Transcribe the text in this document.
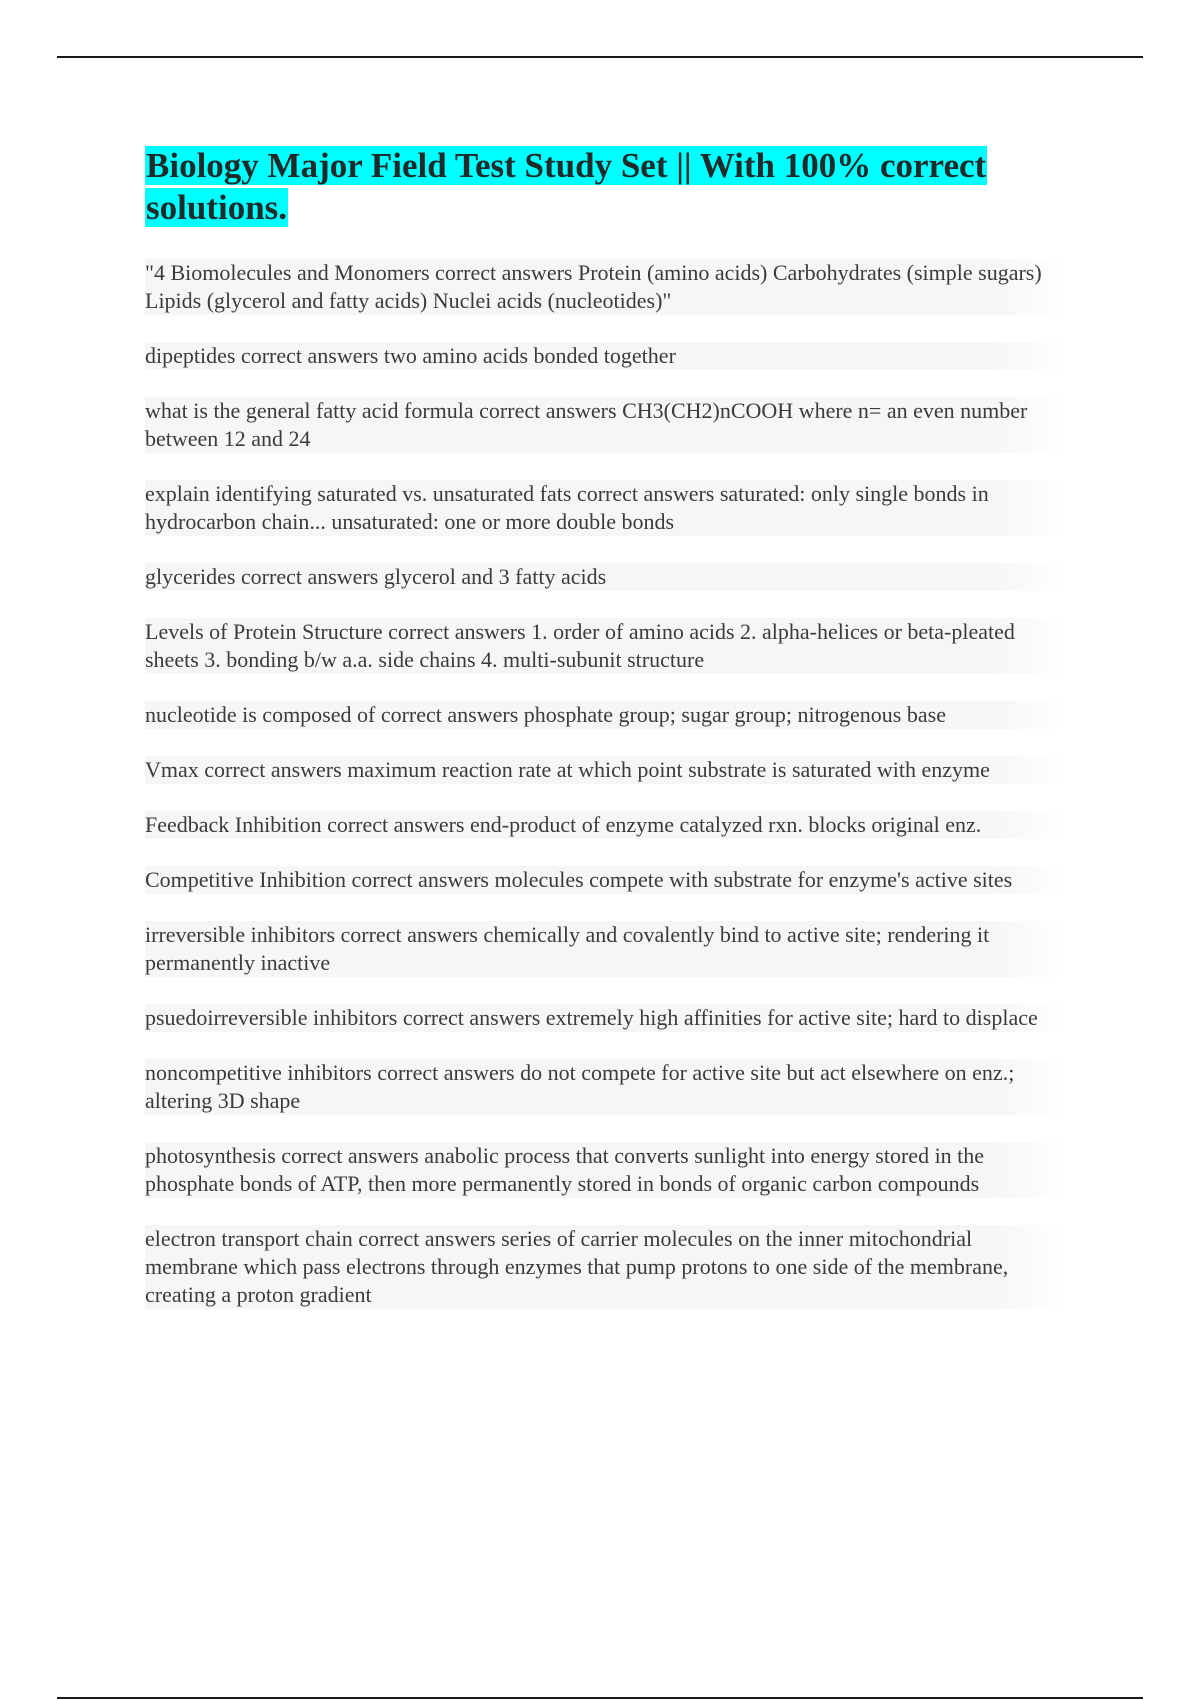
Biology Major Field Test Study Set || With 100% correct solutions.

"4 Biomolecules and Monomers correct answers Protein (amino acids) Carbohydrates (simple sugars) Lipids (glycerol and fatty acids) Nuclei acids (nucleotides)"

dipeptides correct answers two amino acids bonded together

what is the general fatty acid formula correct answers CH3(CH2)nCOOH where n= an even number between 12 and 24

explain identifying saturated vs. unsaturated fats correct answers saturated: only single bonds in hydrocarbon chain... unsaturated: one or more double bonds

glycerides correct answers glycerol and 3 fatty acids

Levels of Protein Structure correct answers 1. order of amino acids 2. alpha-helices or beta-pleated sheets 3. bonding b/w a.a. side chains 4. multi-subunit structure

nucleotide is composed of correct answers phosphate group; sugar group; nitrogenous base

Vmax correct answers maximum reaction rate at which point substrate is saturated with enzyme

Feedback Inhibition correct answers end-product of enzyme catalyzed rxn. blocks original enz.

Competitive Inhibition correct answers molecules compete with substrate for enzyme's active sites

irreversible inhibitors correct answers chemically and covalently bind to active site; rendering it permanently inactive

psuedoirreversible inhibitors correct answers extremely high affinities for active site; hard to displace

noncompetitive inhibitors correct answers do not compete for active site but act elsewhere on enz.; altering 3D shape

photosynthesis correct answers anabolic process that converts sunlight into energy stored in the phosphate bonds of ATP, then more permanently stored in bonds of organic carbon compounds

electron transport chain correct answers series of carrier molecules on the inner mitochondrial membrane which pass electrons through enzymes that pump protons to one side of the membrane, creating a proton gradient
